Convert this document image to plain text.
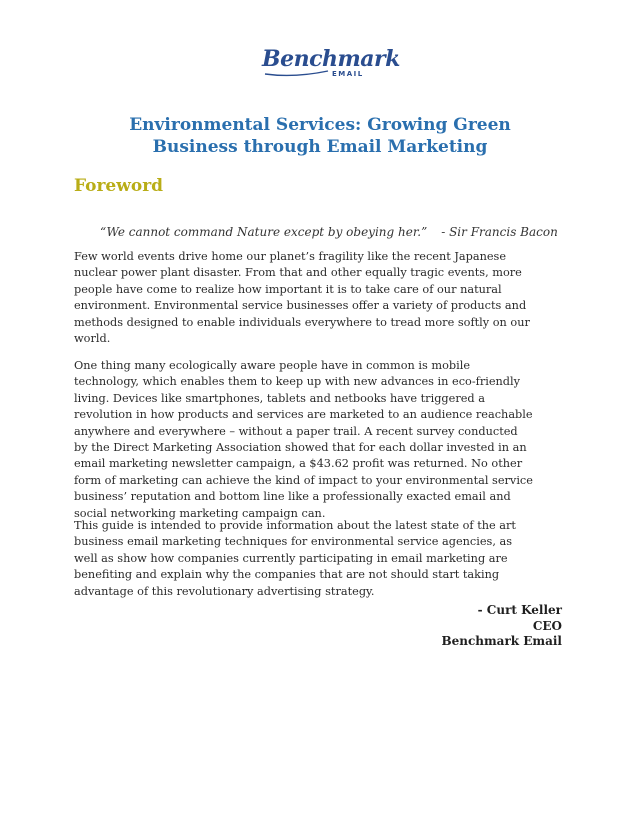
Benchmark
EMAIL
Environmental Services: Growing Green
Business through Email Marketing
Foreword
“We cannot command Nature except by obeying her.” - Sir Francis Bacon
Few world events drive home our planet’s fragility like the recent Japanese
nuclear power plant disaster. From that and other equally tragic events, more
people have come to realize how important it is to take care of our natural
environment. Environmental service businesses offer a variety of products and
methods designed to enable individuals everywhere to tread more softly on our
world.
One thing many ecologically aware people have in common is mobile
technology, which enables them to keep up with new advances in eco-friendly
living. Devices like smartphones, tablets and netbooks have triggered a
revolution in how products and services are marketed to an audience reachable
anywhere and everywhere – without a paper trail. A recent survey conducted
by the Direct Marketing Association showed that for each dollar invested in an
email marketing newsletter campaign, a $43.62 profit was returned. No other
form of marketing can achieve the kind of impact to your environmental service
business’ reputation and bottom line like a professionally exacted email and
social networking marketing campaign can.
This guide is intended to provide information about the latest state of the art
business email marketing techniques for environmental service agencies, as
well as show how companies currently participating in email marketing are
benefiting and explain why the companies that are not should start taking
advantage of this revolutionary advertising strategy.
- Curt Keller
CEO
Benchmark Email
